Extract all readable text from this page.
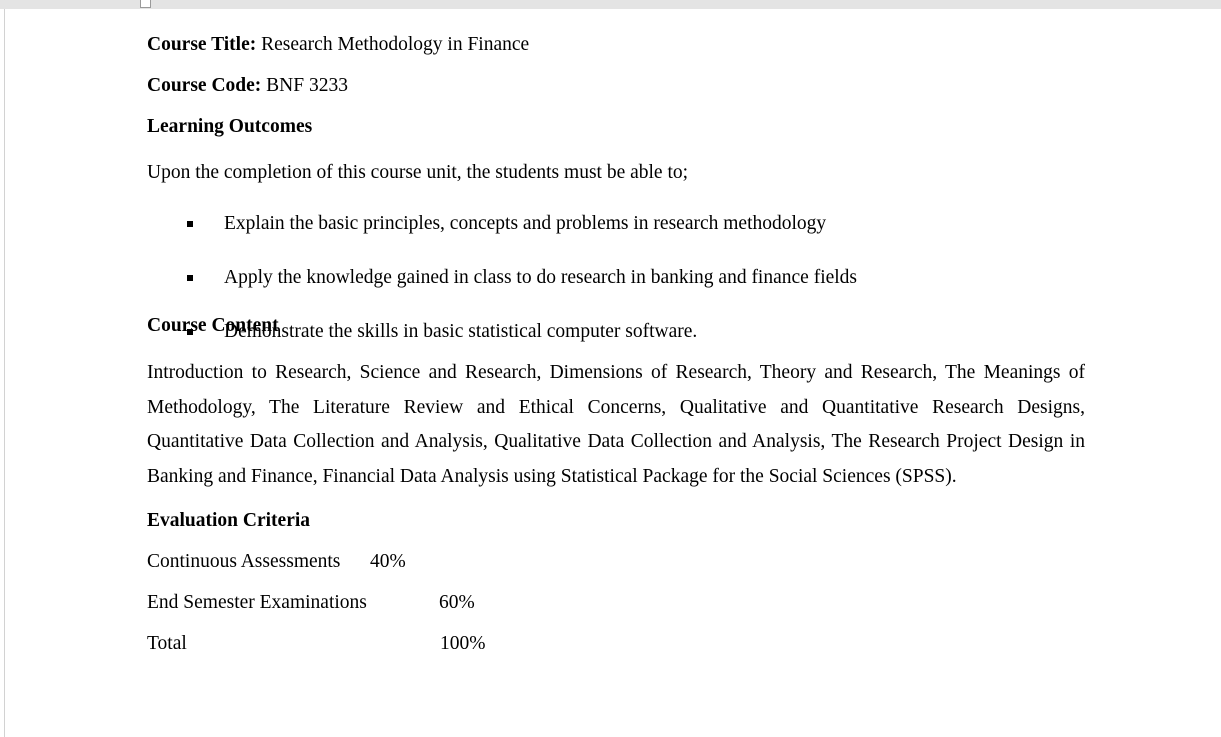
Course Title: Research Methodology in Finance
Course Code: BNF 3233
Learning Outcomes

Upon the completion of this course unit, the students must be able to;

Explain the basic principles, concepts and problems in research methodology
Apply the knowledge gained in class to do research in banking and finance fields
Demonstrate the skills in basic statistical computer software.
Course Content

Introduction to Research, Science and Research, Dimensions of Research, Theory and Research, The Meanings of Methodology, The Literature Review and Ethical Concerns, Qualitative and Quantitative Research Designs, Quantitative Data Collection and Analysis, Qualitative Data Collection and Analysis, The Research Project Design in Banking and Finance, Financial Data Analysis using Statistical Package for the Social Sciences (SPSS).

Evaluation Criteria
Continuous Assessments 40%
End Semester Examinations	60%
Total	100%
